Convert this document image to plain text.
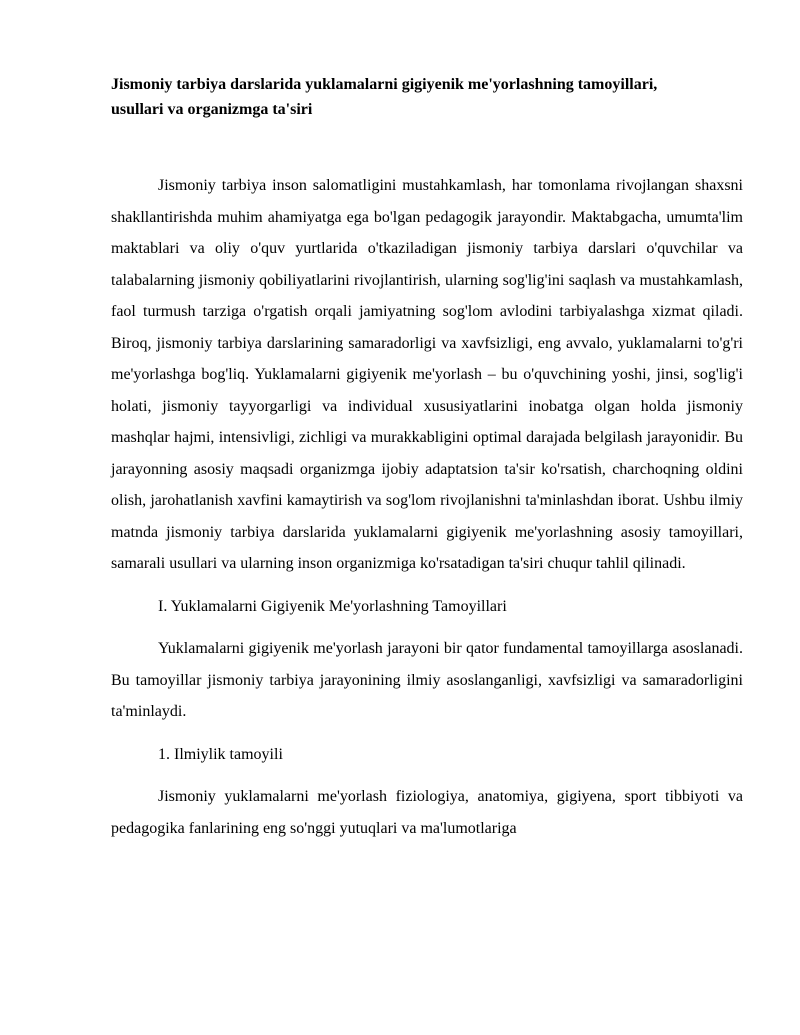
Jismoniy tarbiya darslarida yuklamalarni gigiyenik me'yorlashning tamoyillari,
usullari va organizmga ta'siri

Jismoniy tarbiya inson salomatligini mustahkamlash, har tomonlama rivojlangan shaxsni shakllantirishda muhim ahamiyatga ega bo'lgan pedagogik jarayondir. Maktabgacha, umumta'lim maktablari va oliy o'quv yurtlarida o'tkaziladigan jismoniy tarbiya darslari o'quvchilar va talabalarning jismoniy qobiliyatlarini rivojlantirish, ularning sog'lig'ini saqlash va mustahkamlash, faol turmush tarziga o'rgatish orqali jamiyatning sog'lom avlodini tarbiyalashga xizmat qiladi. Biroq, jismoniy tarbiya darslarining samaradorligi va xavfsizligi, eng avvalo, yuklamalarni to'g'ri me'yorlashga bog'liq. Yuklamalarni gigiyenik me'yorlash – bu o'quvchining yoshi, jinsi, sog'lig'i holati, jismoniy tayyorgarligi va individual xususiyatlarini inobatga olgan holda jismoniy mashqlar hajmi, intensivligi, zichligi va murakkabligini optimal darajada belgilash jarayonidir. Bu jarayonning asosiy maqsadi organizmga ijobiy adaptatsion ta'sir ko'rsatish, charchoqning oldini olish, jarohatlanish xavfini kamaytirish va sog'lom rivojlanishni ta'minlashdan iborat. Ushbu ilmiy matnda jismoniy tarbiya darslarida yuklamalarni gigiyenik me'yorlashning asosiy tamoyillari, samarali usullari va ularning inson organizmiga ko'rsatadigan ta'siri chuqur tahlil qilinadi.

I. Yuklamalarni Gigiyenik Me'yorlashning Tamoyillari

Yuklamalarni gigiyenik me'yorlash jarayoni bir qator fundamental tamoyillarga asoslanadi. Bu tamoyillar jismoniy tarbiya jarayonining ilmiy asoslanganligi, xavfsizligi va samaradorligini ta'minlaydi.

1. Ilmiylik tamoyili

Jismoniy yuklamalarni me'yorlash fiziologiya, anatomiya, gigiyena, sport tibbiyoti va pedagogika fanlarining eng so'nggi yutuqlari va ma'lumotlariga
